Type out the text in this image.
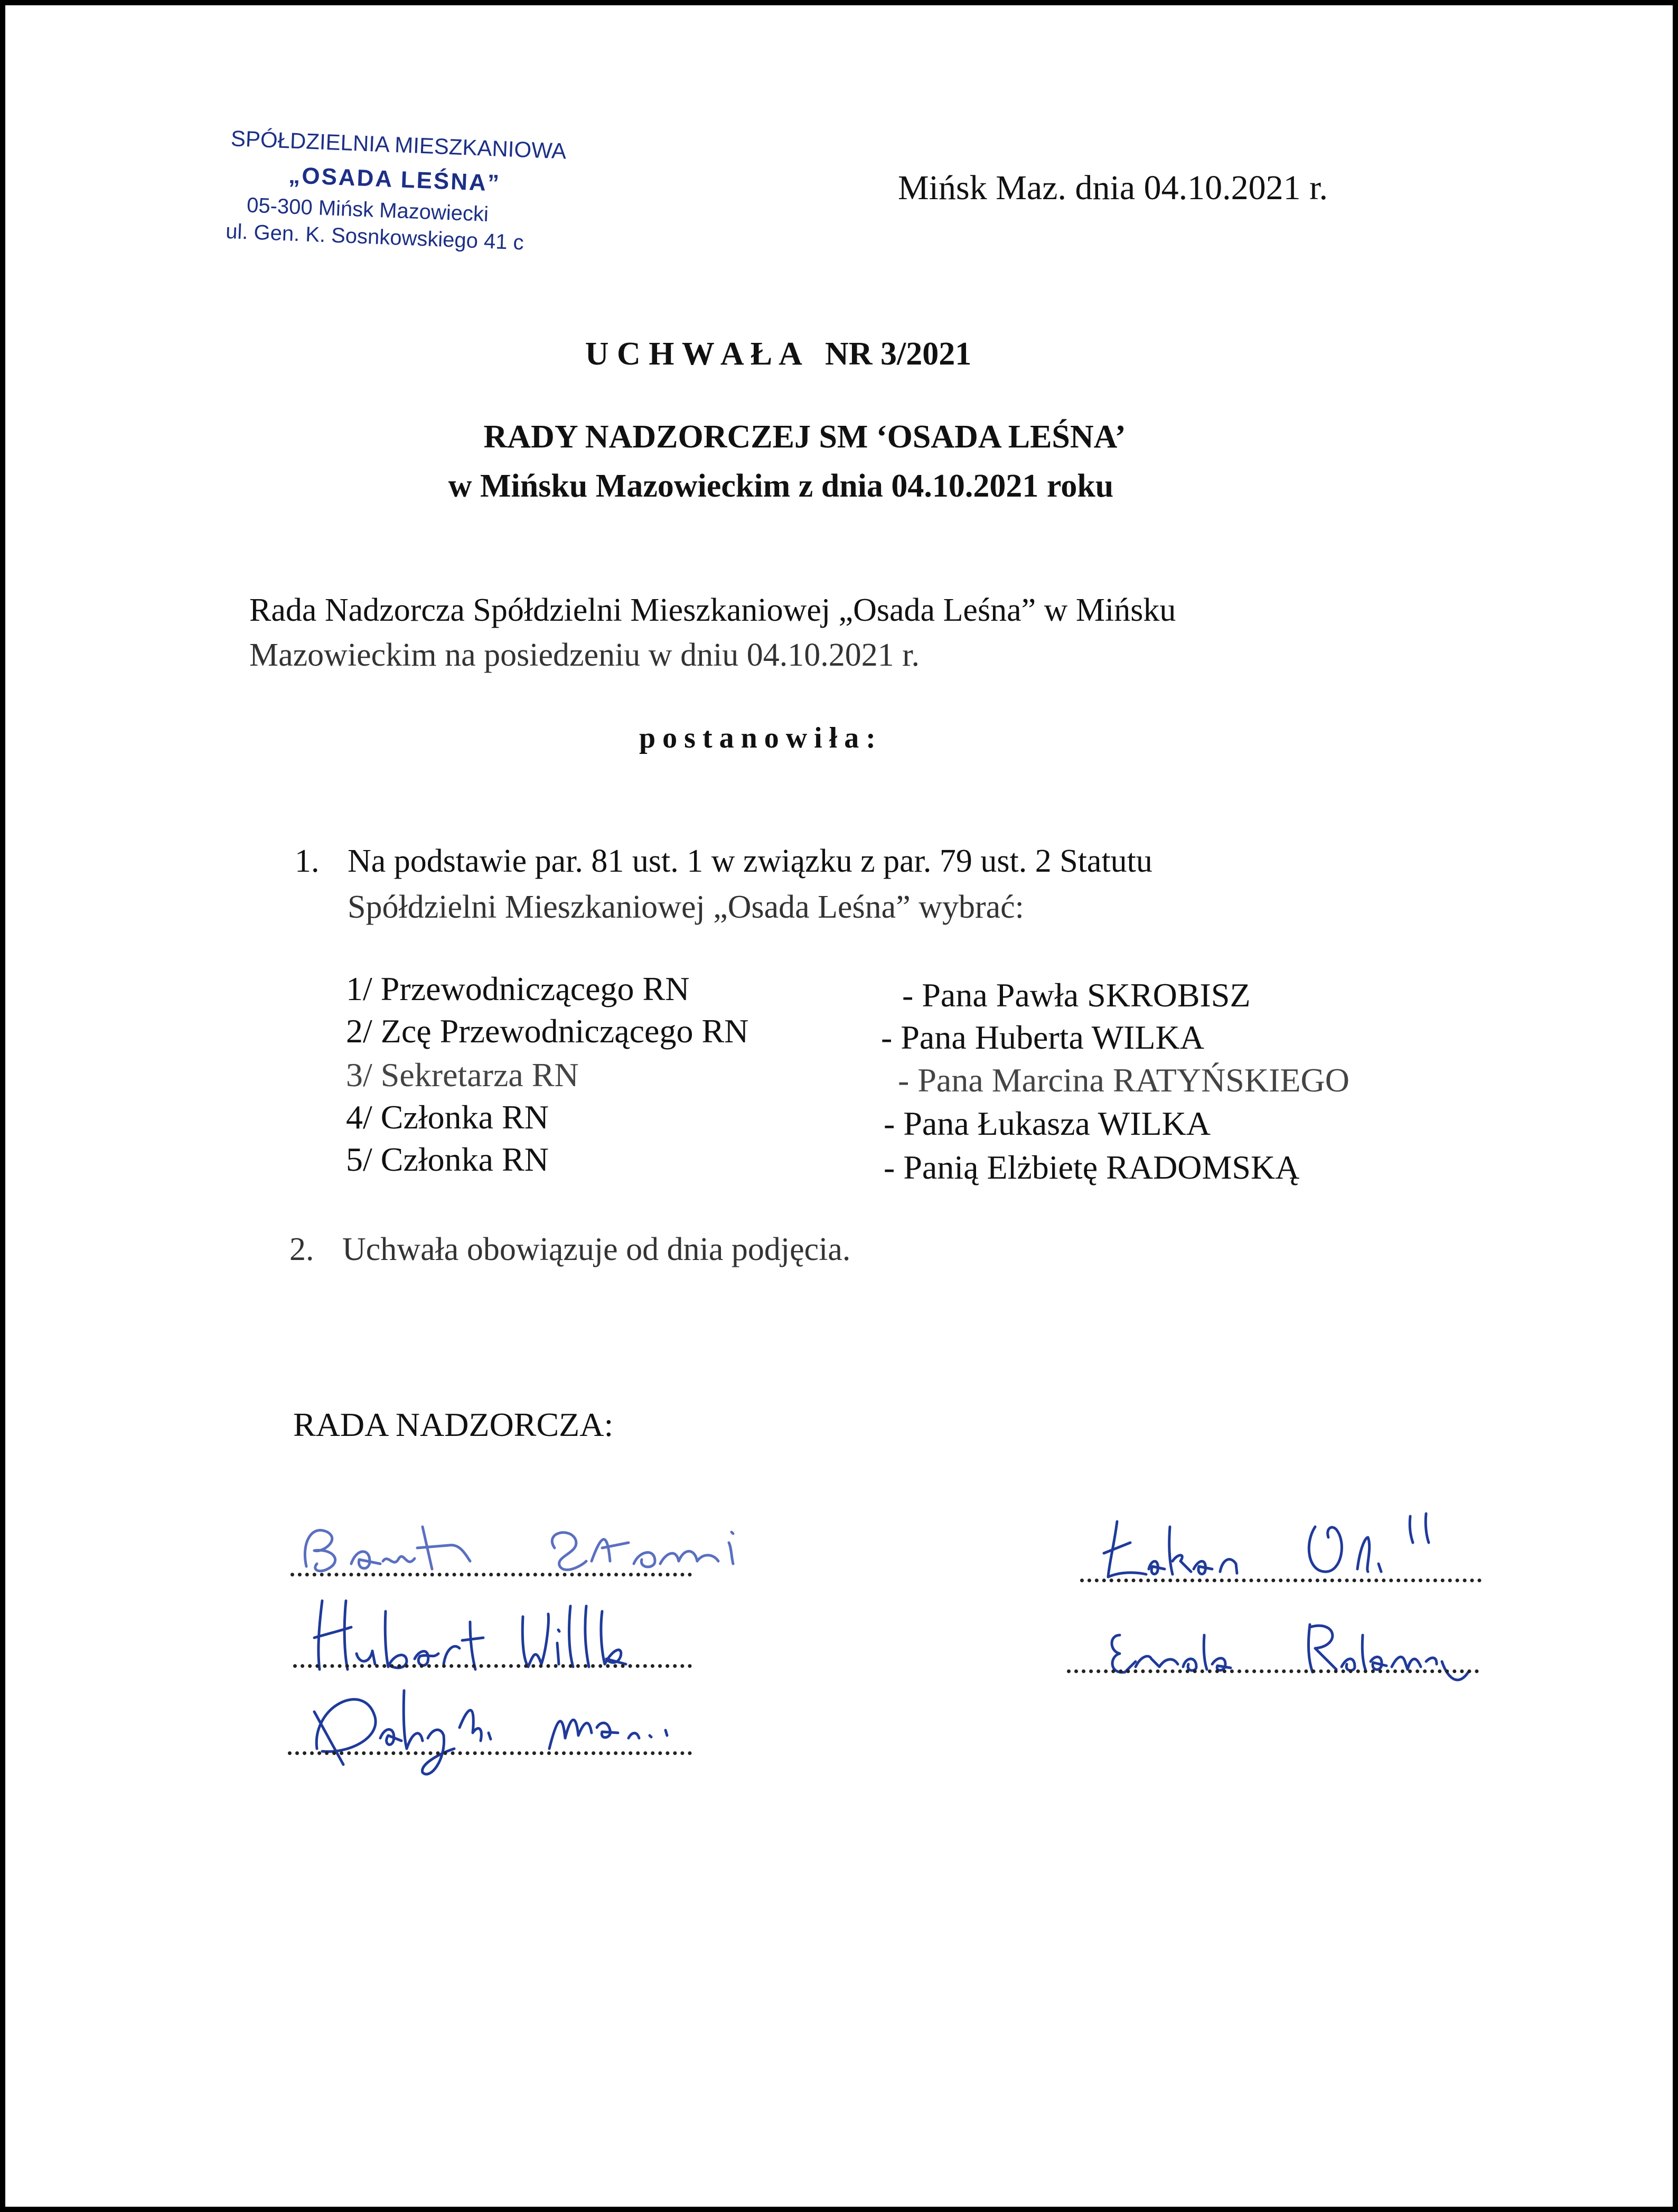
SPÓŁDZIELNIA MIESZKANIOWA
„OSADA LEŚNA”
05-300 Mińsk Mazowiecki
ul. Gen. K. Sosnkowskiego 41 c
Mińsk Maz. dnia 04.10.2021 r.
U C H W A Ł A   NR 3/2021
RADY NADZORCZEJ SM ‘OSADA LEŚNA’
w Mińsku Mazowieckim z dnia 04.10.2021 roku
Rada Nadzorcza Spółdzielni Mieszkaniowej „Osada Leśna” w Mińsku
Mazowieckim na posiedzeniu w dniu 04.10.2021 r.
postanowiła:
1. Na podstawie par. 81 ust. 1 w związku z par. 79 ust. 2 Statutu
Spółdzielni Mieszkaniowej „Osada Leśna” wybrać:
1/ Przewodniczącego RN	- Pana Pawła SKROBISZ
2/ Zcę Przewodniczącego RN	- Pana Huberta WILKA
3/ Sekretarza RN	- Pana Marcina RATYŃSKIEGO
4/ Członka RN	- Pana Łukasza WILKA
5/ Członka RN	- Panią Elżbietę RADOMSKĄ
2. Uchwała obowiązuje od dnia podjęcia.
RADA NADZORCZA:
